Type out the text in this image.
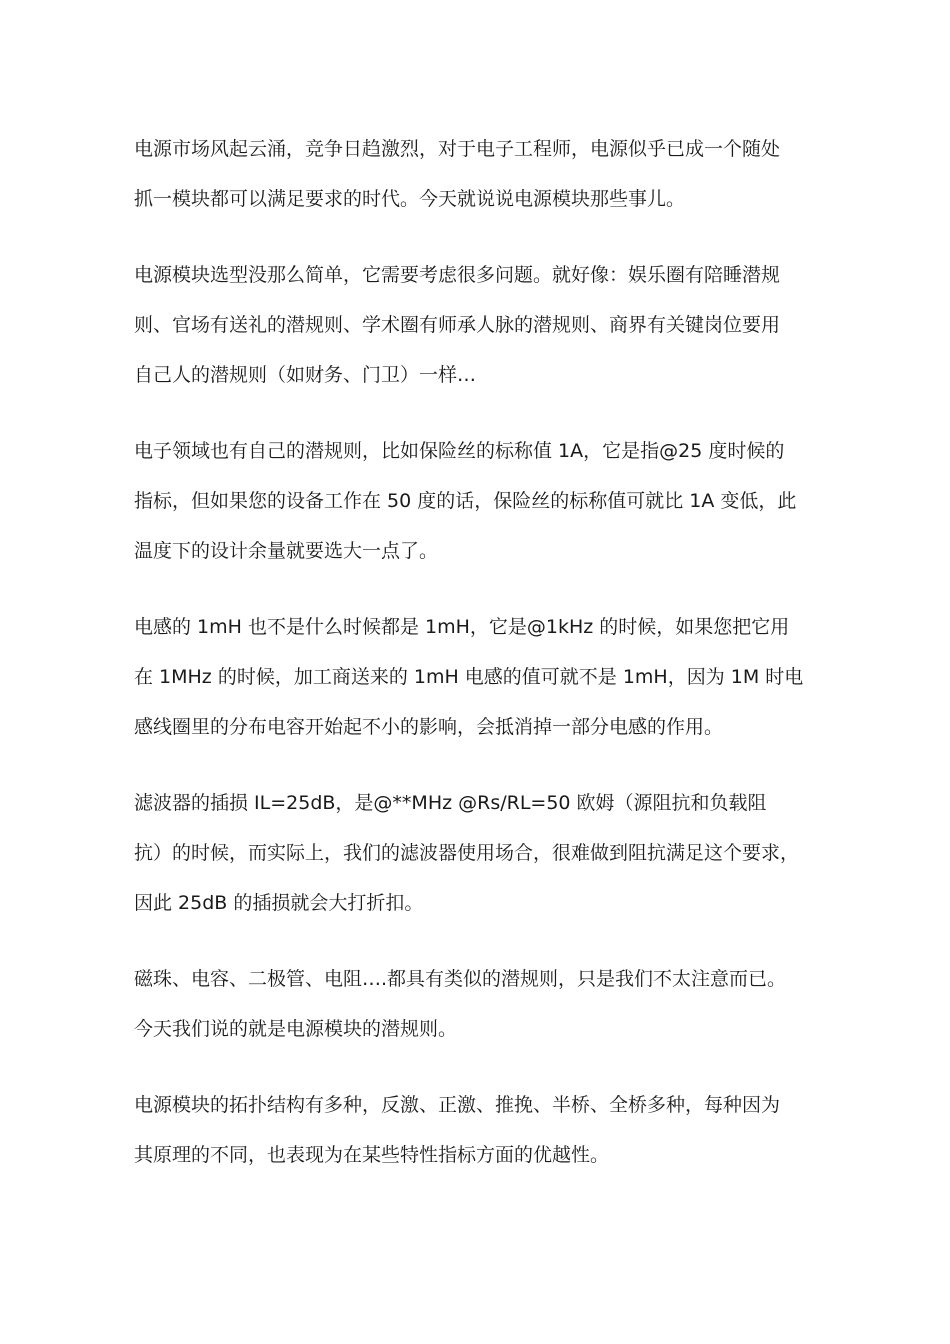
电源市场风起云涌，竞争日趋激烈，对于电子工程师，电源似乎已成一个随处
抓一模块都可以满足要求的时代。今天就说说电源模块那些事儿。

电源模块选型没那么简单，它需要考虑很多问题。就好像：娱乐圈有陪睡潜规
则、官场有送礼的潜规则、学术圈有师承人脉的潜规则、商界有关键岗位要用
自己人的潜规则（如财务、门卫）一样…

电子领域也有自己的潜规则，比如保险丝的标称值 1A，它是指@25 度时候的
指标，但如果您的设备工作在 50 度的话，保险丝的标称值可就比 1A 变低，此
温度下的设计余量就要选大一点了。

电感的 1mH 也不是什么时候都是 1mH，它是@1kHz 的时候，如果您把它用
在 1MHz 的时候，加工商送来的 1mH 电感的值可就不是 1mH，因为 1M 时电
感线圈里的分布电容开始起不小的影响，会抵消掉一部分电感的作用。

滤波器的插损 IL=25dB，是@**MHz @Rs/RL=50 欧姆（源阻抗和负载阻
抗）的时候，而实际上，我们的滤波器使用场合，很难做到阻抗满足这个要求，
因此 25dB 的插损就会大打折扣。

磁珠、电容、二极管、电阻….都具有类似的潜规则，只是我们不太注意而已。
今天我们说的就是电源模块的潜规则。

电源模块的拓扑结构有多种，反激、正激、推挽、半桥、全桥多种，每种因为
其原理的不同，也表现为在某些特性指标方面的优越性。
